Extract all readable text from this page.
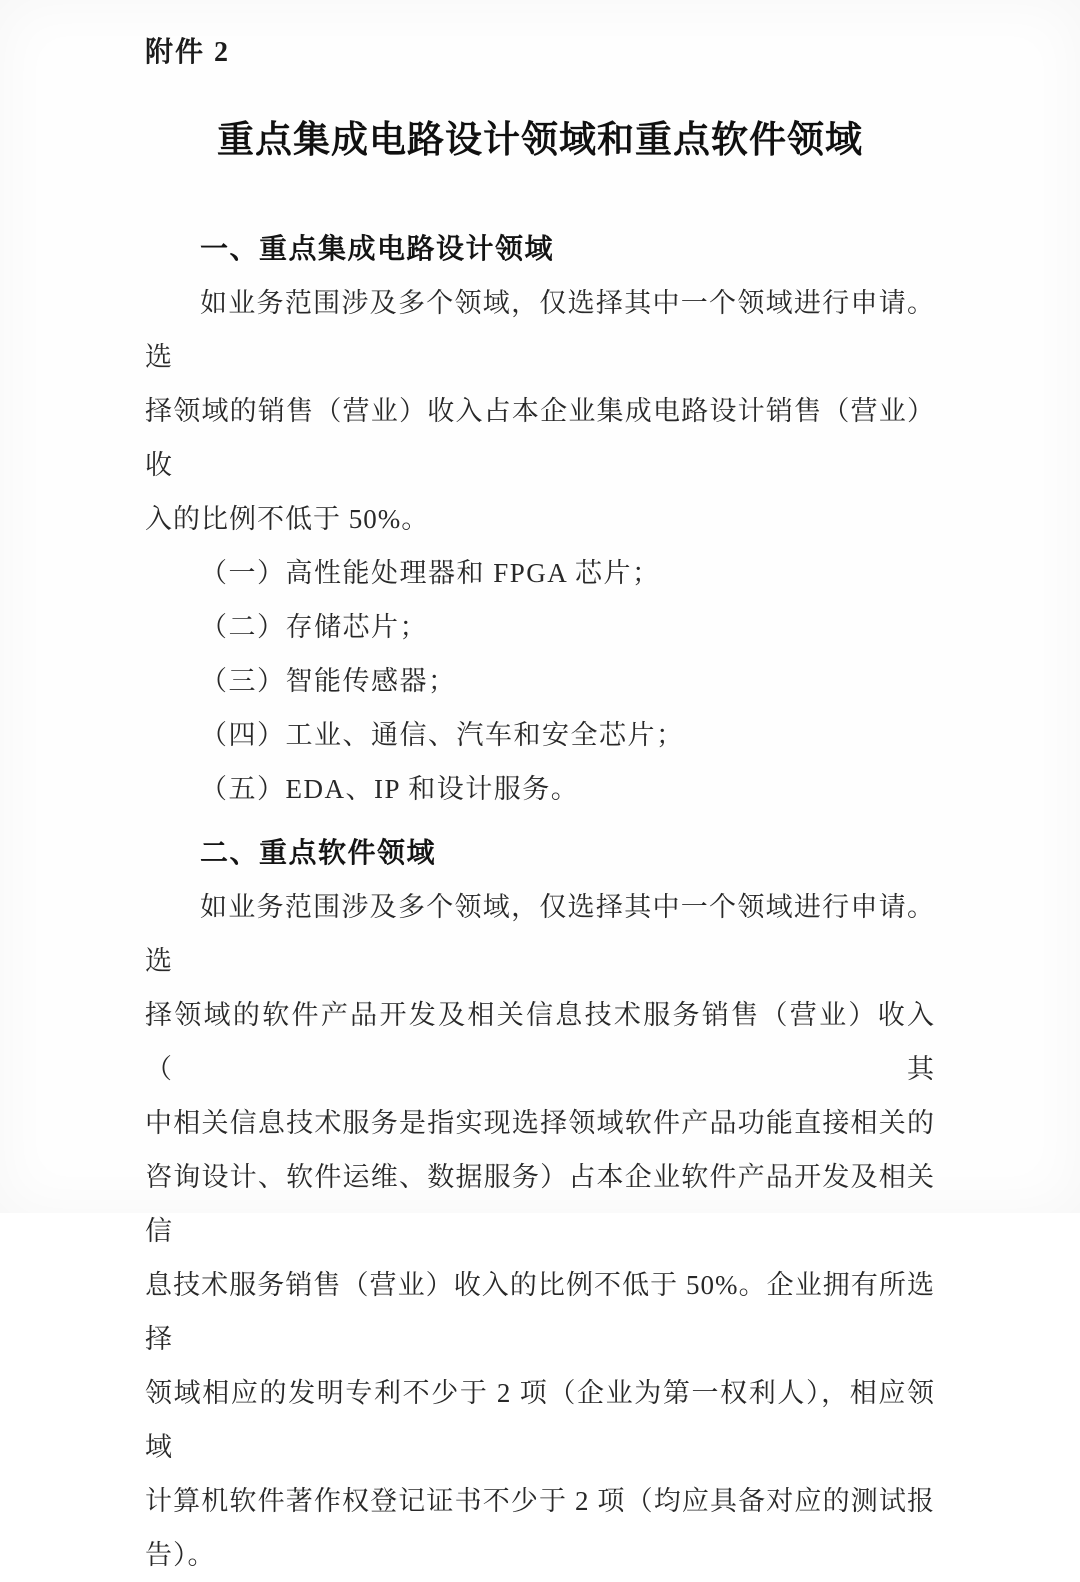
附件 2
重点集成电路设计领域和重点软件领域
一、重点集成电路设计领域
如业务范围涉及多个领域，仅选择其中一个领域进行申请。选
择领域的销售（营业）收入占本企业集成电路设计销售（营业）收
入的比例不低于 50%。
（一）高性能处理器和 FPGA 芯片；
（二）存储芯片；
（三）智能传感器；
（四）工业、通信、汽车和安全芯片；
（五）EDA、IP 和设计服务。
二、重点软件领域
如业务范围涉及多个领域，仅选择其中一个领域进行申请。选
择领域的软件产品开发及相关信息技术服务销售（营业）收入（其
中相关信息技术服务是指实现选择领域软件产品功能直接相关的
咨询设计、软件运维、数据服务）占本企业软件产品开发及相关信
息技术服务销售（营业）收入的比例不低于 50%。企业拥有所选择
领域相应的发明专利不少于 2 项（企业为第一权利人），相应领域
计算机软件著作权登记证书不少于 2 项（均应具备对应的测试报
告）。
